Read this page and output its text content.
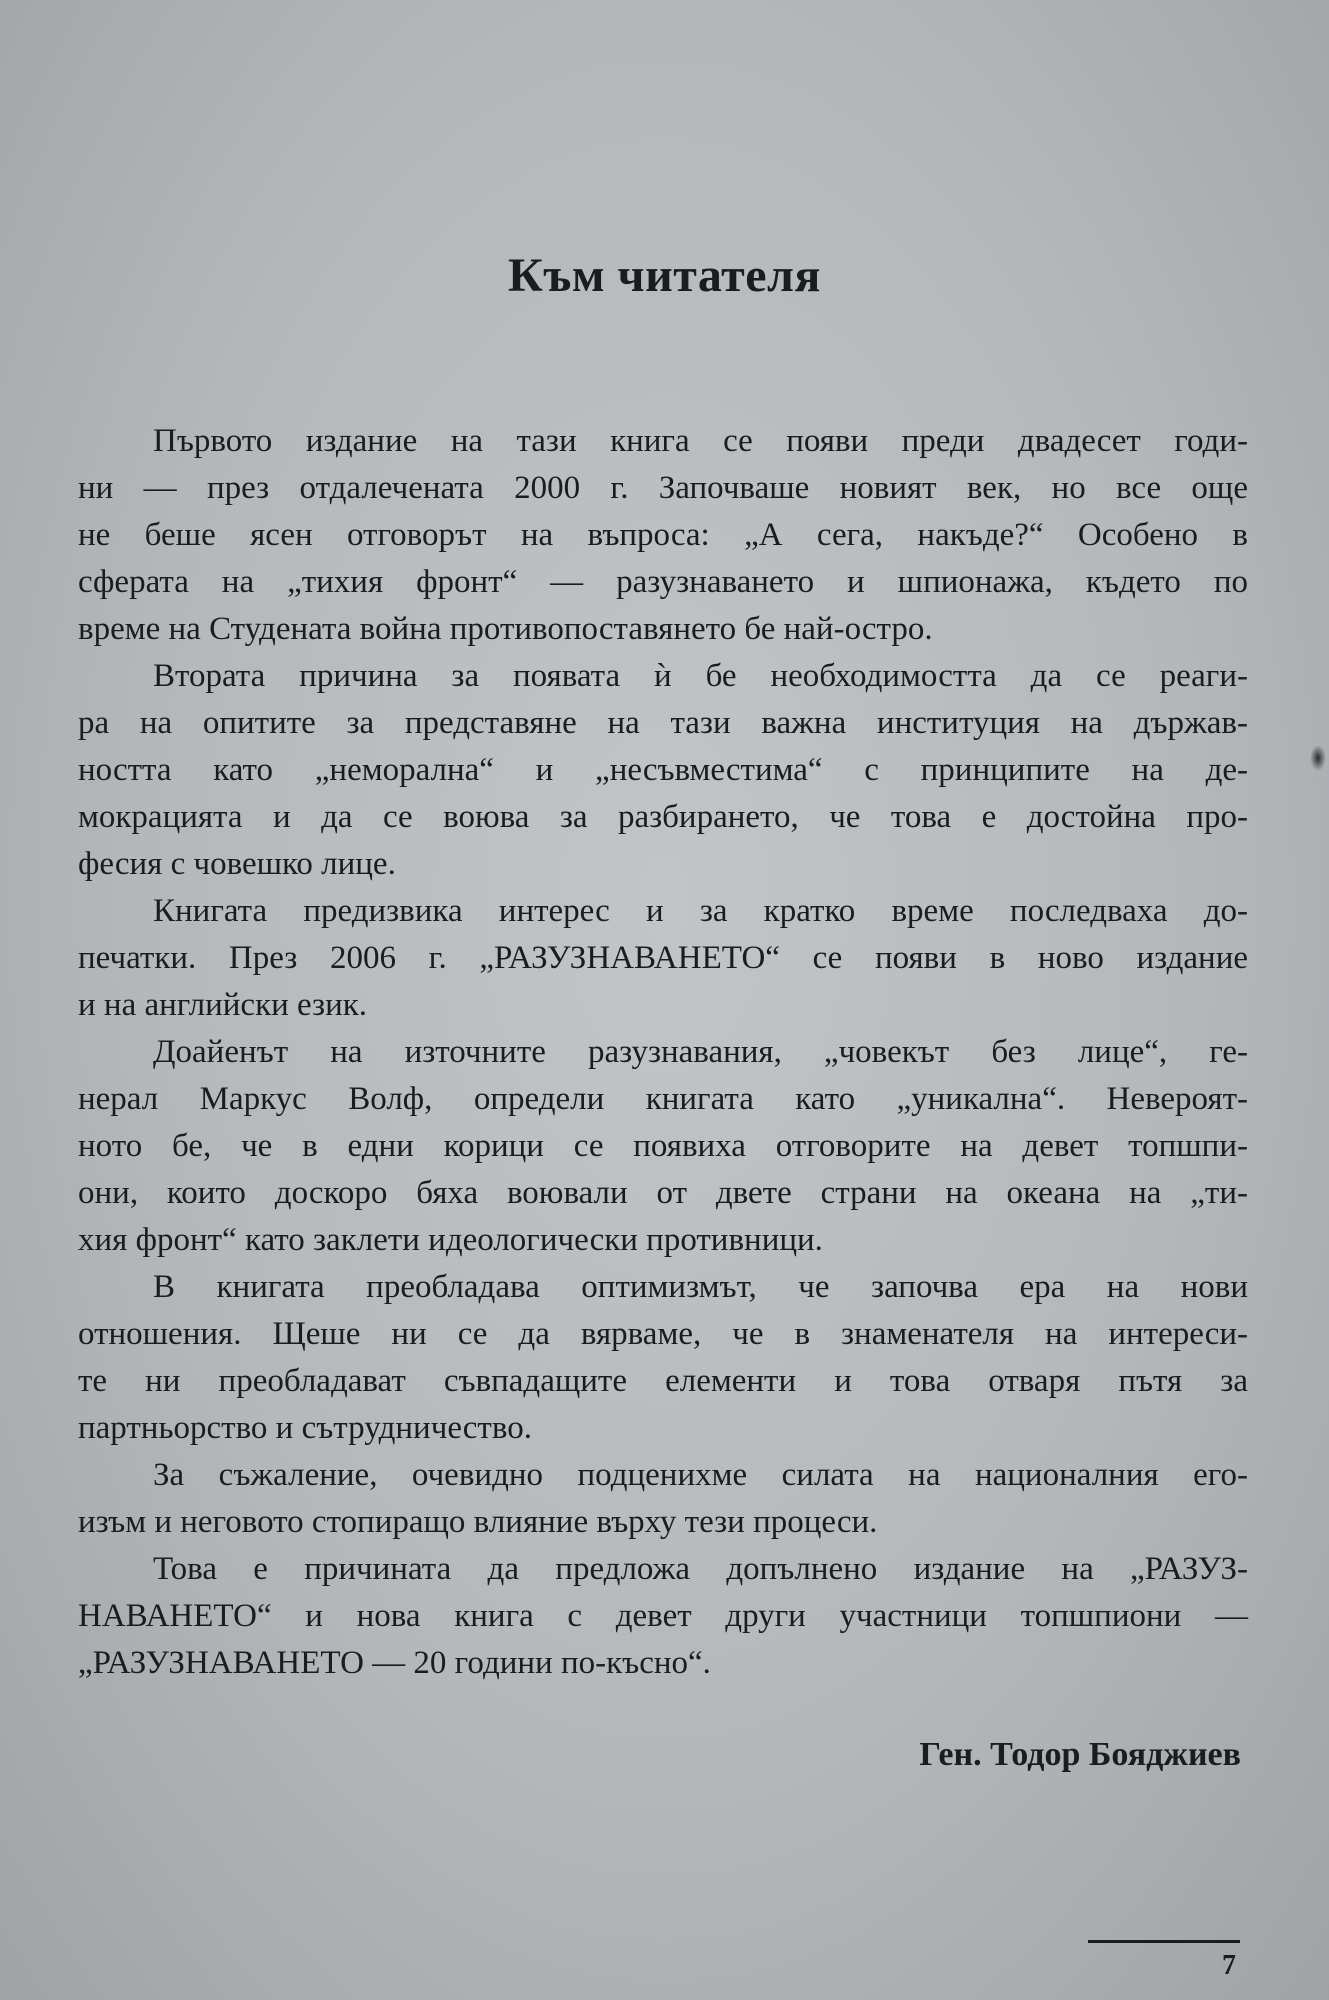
Към читателя

Първото издание на тази книга се появи преди двадесет годи-
ни — през отдалечената 2000 г. Започваше новият век, но все още
не беше ясен отговорът на въпроса: „А сега, накъде?“ Особено в
сферата на „тихия фронт“ — разузнаването и шпионажа, където по
време на Студената война противопоставянето бе най-остро.

Втората причина за появата ѝ бе необходимостта да се реаги-
ра на опитите за представяне на тази важна институция на държав-
ността като „неморална“ и „несъвместима“ с принципите на де-
мокрацията и да се воюва за разбирането, че това е достойна про-
фесия с човешко лице.

Книгата предизвика интерес и за кратко време последваха до-
печатки. През 2006 г. „РАЗУЗНАВАНЕТО“ се появи в ново издание
и на английски език.

Доайенът на източните разузнавания, „човекът без лице“, ге-
нерал Маркус Волф, определи книгата като „уникална“. Невероят-
ното бе, че в едни корици се появиха отговорите на девет топшпи-
они, които доскоро бяха воювали от двете страни на океана на „ти-
хия фронт“ като заклети идеологически противници.

В книгата преобладава оптимизмът, че започва ера на нови
отношения. Щеше ни се да вярваме, че в знаменателя на интереси-
те ни преобладават съвпадащите елементи и това отваря пътя за
партньорство и сътрудничество.

За съжаление, очевидно подценихме силата на националния его-
изъм и неговото стопиращо влияние върху тези процеси.

Това е причината да предложа допълнено издание на „РАЗУЗ-
НАВАНЕТО“ и нова книга с девет други участници топшпиони —
„РАЗУЗНАВАНЕТО — 20 години по-късно“.

Ген. Тодор Бояджиев

7
